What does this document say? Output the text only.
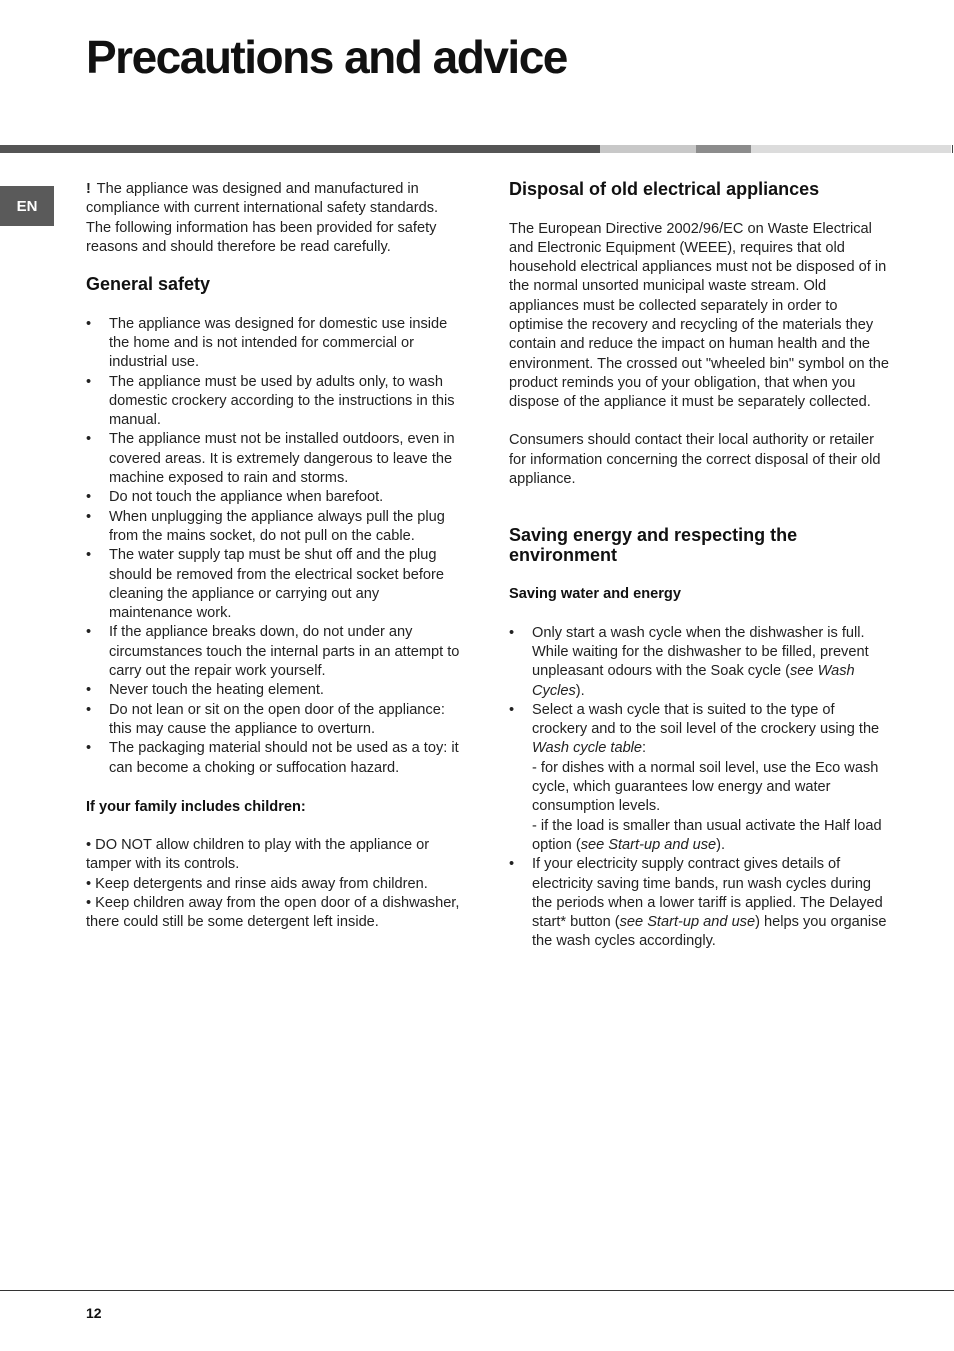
Precautions and advice
EN

! The appliance was designed and manufactured in compliance with current international safety standards. The following information has been provided for safety reasons and should therefore be read carefully.

General safety
• The appliance was designed for domestic use inside the home and is not intended for commercial or industrial use.
• The appliance must be used by adults only, to wash domestic crockery according to the instructions in this manual.
• The appliance must not be installed outdoors, even in covered areas. It is extremely dangerous to leave the machine exposed to rain and storms.
• Do not touch the appliance when barefoot.
• When unplugging the appliance always pull the plug from the mains socket, do not pull on the cable.
• The water supply tap must be shut off and the plug should be removed from the electrical socket before cleaning the appliance or carrying out any maintenance work.
• If the appliance breaks down, do not under any circumstances touch the internal parts in an attempt to carry out the repair work yourself.
• Never touch the heating element.
• Do not lean or sit on the open door of the appliance: this may cause the appliance to overturn.
• The packaging material should not be used as a toy: it can become a choking or suffocation hazard.
If your family includes children:

• DO NOT allow children to play with the appliance or tamper with its controls.

• Keep detergents and rinse aids away from children.

• Keep children away from the open door of a dishwasher, there could still be some detergent left inside.

Disposal of old electrical appliances

The European Directive 2002/96/EC on Waste Electrical and Electronic Equipment (WEEE), requires that old household electrical appliances must not be disposed of in the normal unsorted municipal waste stream. Old appliances must be collected separately in order to optimise the recovery and recycling of the materials they contain and reduce the impact on human health and the environment. The crossed out "wheeled bin" symbol on the product reminds you of your obligation, that when you dispose of the appliance it must be separately collected.

Consumers should contact their local authority or retailer for information concerning the correct disposal of their old appliance.

Saving energy and respecting the environment
Saving water and energy
• Only start a wash cycle when the dishwasher is full. While waiting for the dishwasher to be filled, prevent unpleasant odours with the Soak cycle (see Wash Cycles).
• Select a wash cycle that is suited to the type of crockery and to the soil level of the crockery using the Wash cycle table:
- for dishes with a normal soil level, use the Eco wash cycle, which guarantees low energy and water consumption levels.
- if the load is smaller than usual activate the Half load option (see Start-up and use).
• If your electricity supply contract gives details of electricity saving time bands, run wash cycles during the periods when a lower tariff is applied. The Delayed start* button (see Start-up and use) helps you organise the wash cycles accordingly.
12
